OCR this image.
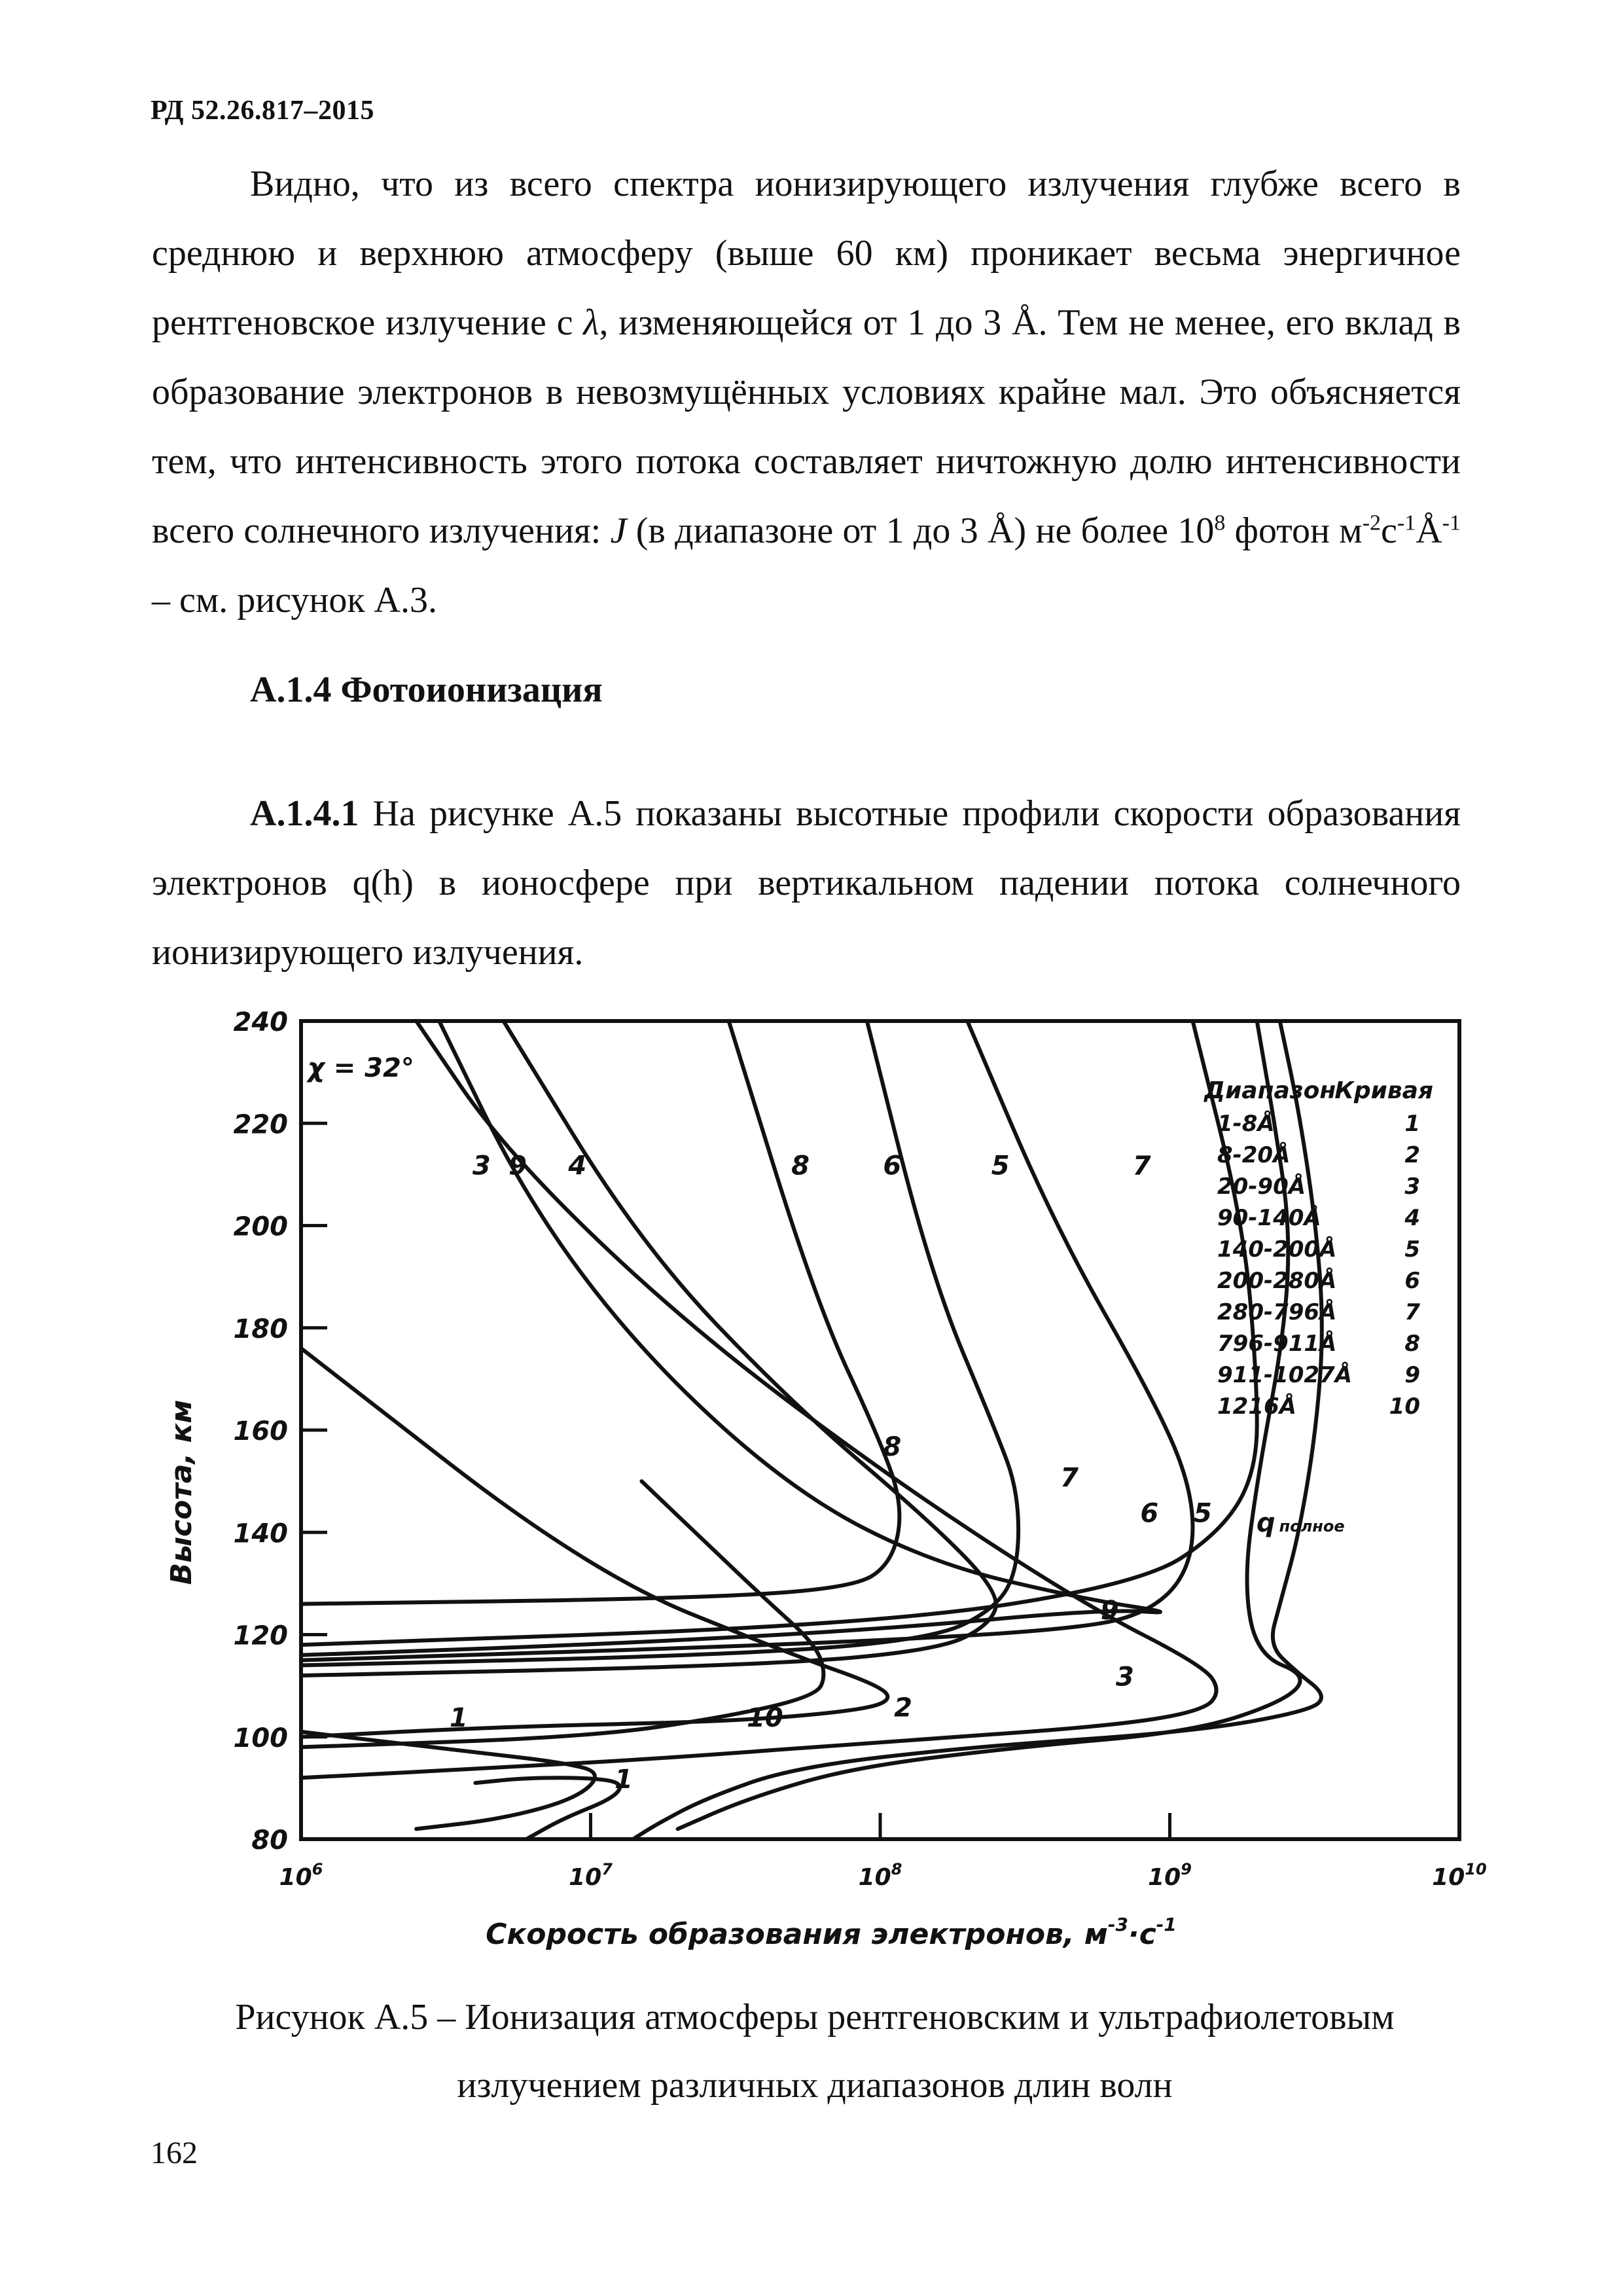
РД 52.26.817–2015
Видно, что из всего спектра ионизирующего излучения глубже всего в среднюю и верхнюю атмосферу (выше 60 км) проникает весьма энергичное рентгеновское излучение с λ, изменяющейся от 1 до 3 Å. Тем не менее, его вклад в образование электронов в невозмущённых условиях крайне мал. Это объясняется тем, что интенсивность этого потока составляет ничтожную долю интенсивности всего солнечного излучения: J (в диапазоне от 1 до 3 Å) не более $10^8$ фотон $м^{-2}с^{-1}Å^{-1}$ – см. рисунок А.3.
А.1.4 Фотоионизация
А.1.4.1 На рисунке А.5 показаны высотные профили скорости образования электронов q(h) в ионосфере при вертикальном падении потока солнечного ионизирующего излучения.
80
100
120
140
160
180
200
220
240
$10^6$	$10^7$	$10^8$	$10^9$	$10^{10}$
3 9 4	8	6	5	7
8
7
6 5
9
3
2
10
1
1
χ = 32°
Диапазон
Кривая
1-8Å	1
8-20Å	2
20-90Å	3
90-140Å	4
140-200Å	5
200-280Å	6
280-796Å	7
796-911Å	8
911-1027Å 9
1216Å	10
qполное
Высота, км
Скорость образования электронов, $м^{-3}\cdot с^{-1}$
Рисунок А.5 – Ионизация атмосферы рентгеновским и ультрафиолетовым
излучением различных диапазонов длин волн
162
